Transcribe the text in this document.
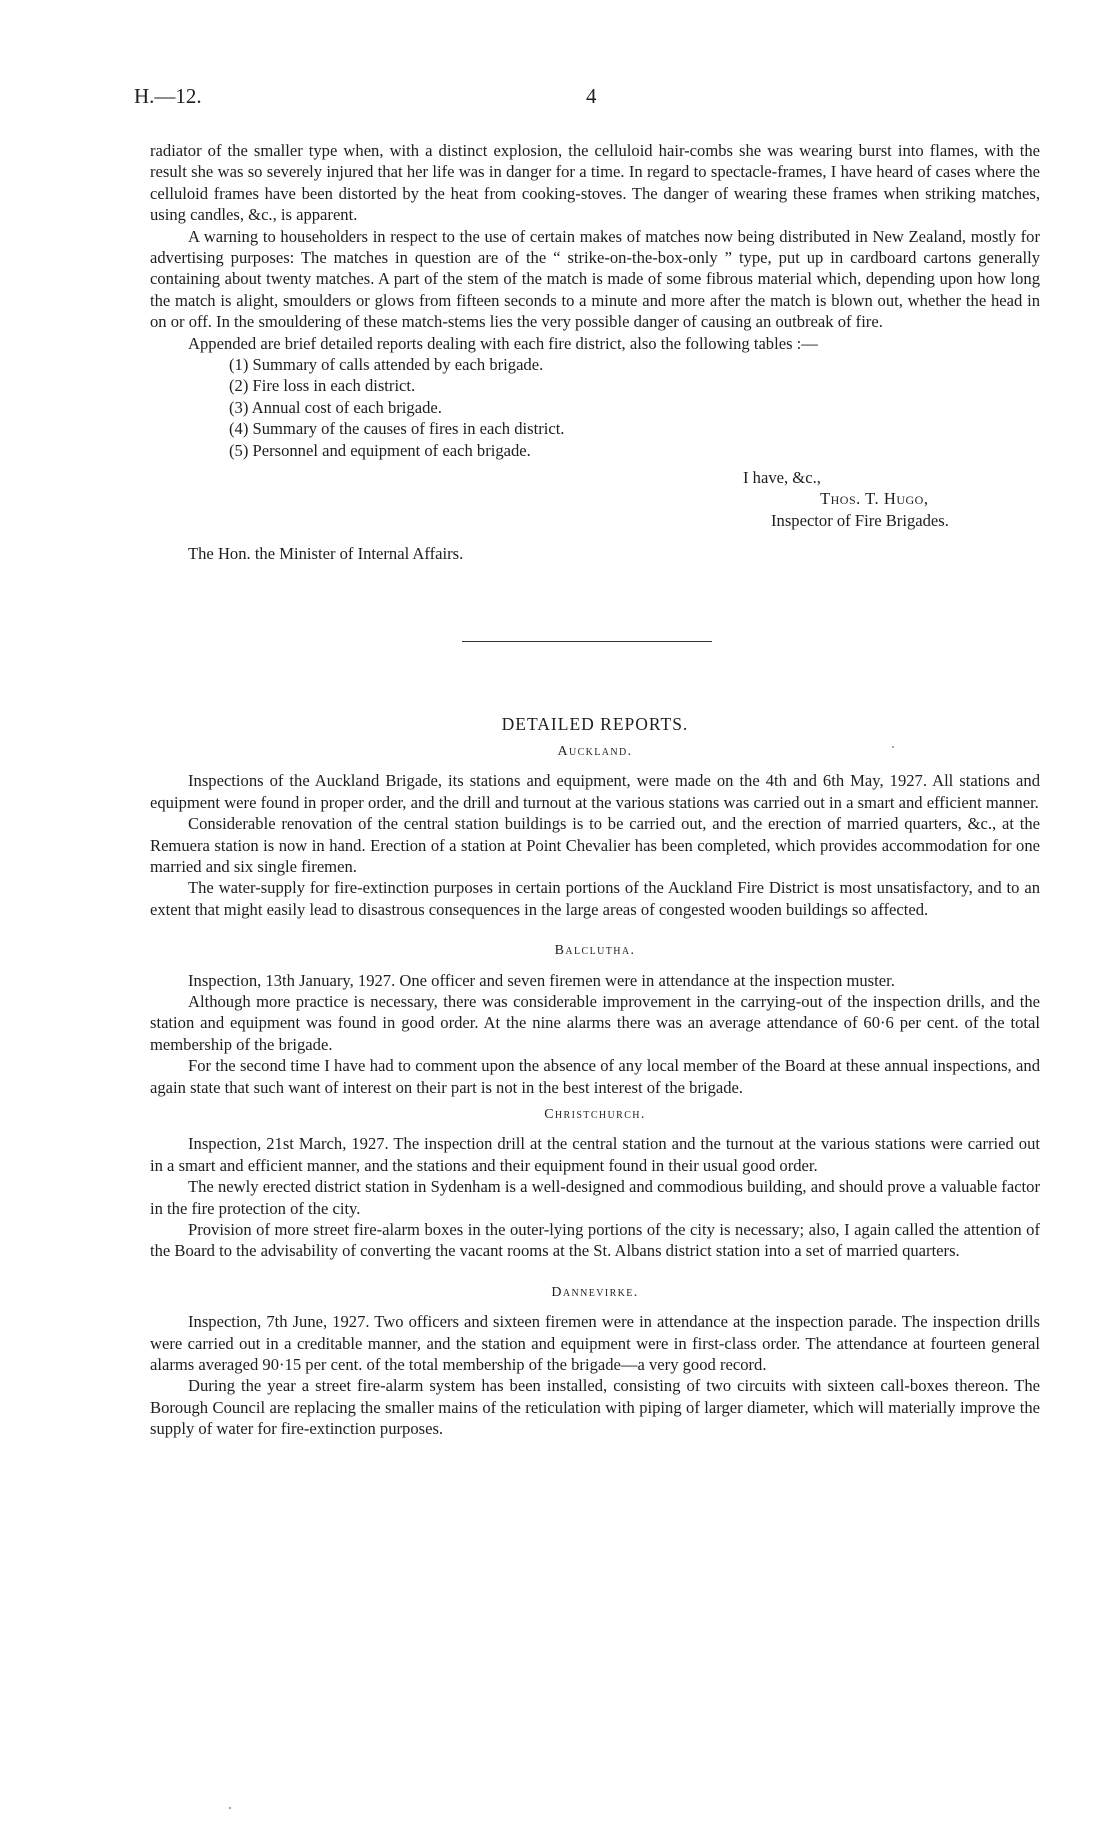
H.—12.	4

radiator of the smaller type when, with a distinct explosion, the celluloid hair-combs she was wearing burst into flames, with the result she was so severely injured that her life was in danger for a time. In regard to spectacle-frames, I have heard of cases where the celluloid frames have been distorted by the heat from cooking-stoves. The danger of wearing these frames when striking matches, using candles, &c., is apparent.

A warning to householders in respect to the use of certain makes of matches now being distributed in New Zealand, mostly for advertising purposes: The matches in question are of the “ strike-on-the-box-only ” type, put up in cardboard cartons generally containing about twenty matches. A part of the stem of the match is made of some fibrous material which, depending upon how long the match is alight, smoulders or glows from fifteen seconds to a minute and more after the match is blown out, whether the head in on or off. In the smouldering of these match-stems lies the very possible danger of causing an outbreak of fire.

Appended are brief detailed reports dealing with each fire district, also the following tables :—

(1) Summary of calls attended by each brigade.
(2) Fire loss in each district.
(3) Annual cost of each brigade.
(4) Summary of the causes of fires in each district.
(5) Personnel and equipment of each brigade.
I have, &c.,
Thos. T. Hugo,
Inspector of Fire Brigades.

The Hon. the Minister of Internal Affairs.

DETAILED REPORTS.
Auckland.

Inspections of the Auckland Brigade, its stations and equipment, were made on the 4th and 6th May, 1927. All stations and equipment were found in proper order, and the drill and turnout at the various stations was carried out in a smart and efficient manner.

Considerable renovation of the central station buildings is to be carried out, and the erection of married quarters, &c., at the Remuera station is now in hand. Erection of a station at Point Chevalier has been completed, which provides accommodation for one married and six single firemen.

The water-supply for fire-extinction purposes in certain portions of the Auckland Fire District is most unsatisfactory, and to an extent that might easily lead to disastrous consequences in the large areas of congested wooden buildings so affected.

Balclutha.

Inspection, 13th January, 1927. One officer and seven firemen were in attendance at the inspection muster.

Although more practice is necessary, there was considerable improvement in the carrying-out of the inspection drills, and the station and equipment was found in good order. At the nine alarms there was an average attendance of 60·6 per cent. of the total membership of the brigade.

For the second time I have had to comment upon the absence of any local member of the Board at these annual inspections, and again state that such want of interest on their part is not in the best interest of the brigade.

Christchurch.

Inspection, 21st March, 1927. The inspection drill at the central station and the turnout at the various stations were carried out in a smart and efficient manner, and the stations and their equipment found in their usual good order.

The newly erected district station in Sydenham is a well-designed and commodious building, and should prove a valuable factor in the fire protection of the city.

Provision of more street fire-alarm boxes in the outer-lying portions of the city is necessary; also, I again called the attention of the Board to the advisability of converting the vacant rooms at the St. Albans district station into a set of married quarters.

Dannevirke.

Inspection, 7th June, 1927. Two officers and sixteen firemen were in attendance at the inspection parade. The inspection drills were carried out in a creditable manner, and the station and equipment were in first-class order. The attendance at fourteen general alarms averaged 90·15 per cent. of the total membership of the brigade—a very good record.

During the year a street fire-alarm system has been installed, consisting of two circuits with sixteen call-boxes thereon. The Borough Council are replacing the smaller mains of the reticulation with piping of larger diameter, which will materially improve the supply of water for fire-extinction purposes.
